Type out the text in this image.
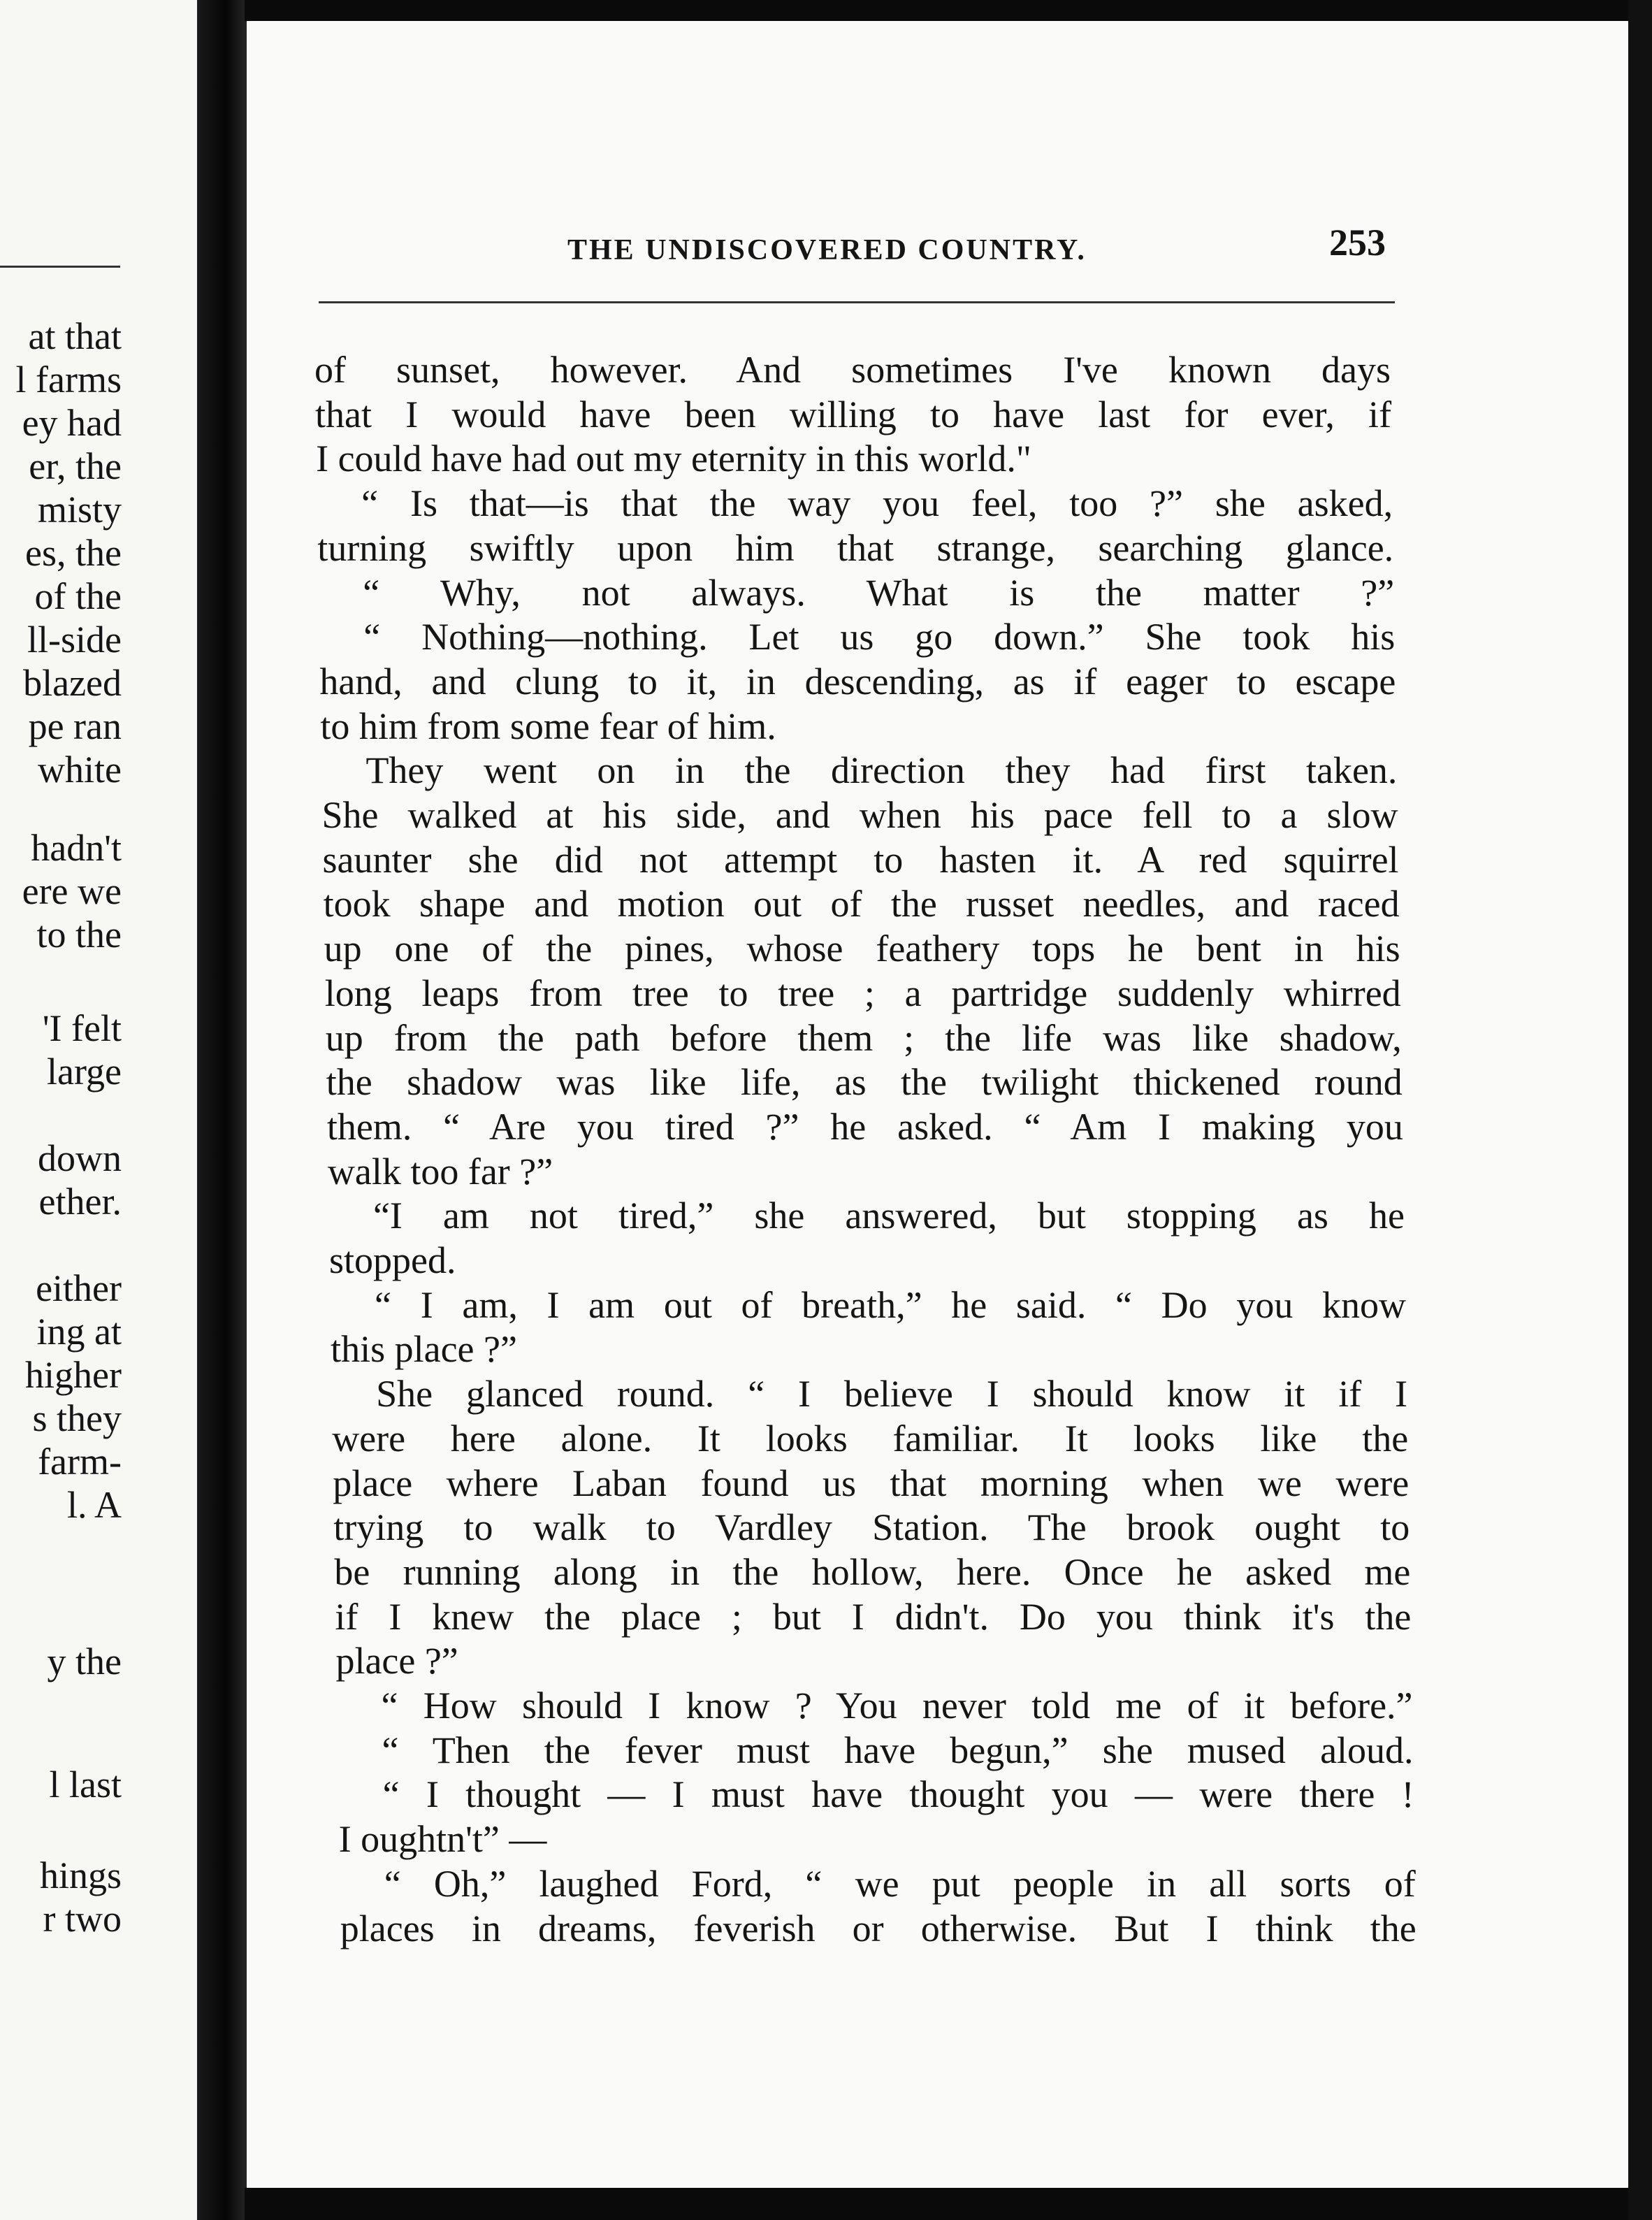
at that
l farms
ey had
er, the
misty
es, the
of the
ll-side
blazed
pe ran
white
hadn't
ere we
to the
'I felt
large
down
ether.
either
ing at
higher
s they
farm-
l. A
y the
l last
hings
r two
THE UNDISCOVERED COUNTRY.	253
of sunset, however. And sometimes I've known days
that I would have been willing to have last for ever, if
I could have had out my eternity in this world."
“ Is that—is that the way you feel, too ?” she asked,
turning swiftly upon him that strange, searching glance.
“ Why, not always. What is the matter ?”
“ Nothing—nothing. Let us go down.” She took his
hand, and clung to it, in descending, as if eager to escape
to him from some fear of him.
They went on in the direction they had first taken.
She walked at his side, and when his pace fell to a slow
saunter she did not attempt to hasten it. A red squirrel
took shape and motion out of the russet needles, and raced
up one of the pines, whose feathery tops he bent in his
long leaps from tree to tree ; a partridge suddenly whirred
up from the path before them ; the life was like shadow,
the shadow was like life, as the twilight thickened round
them. “ Are you tired ?” he asked. “ Am I making you
walk too far ?”
“I am not tired,” she answered, but stopping as he
stopped.
“ I am, I am out of breath,” he said. “ Do you know
this place ?”
She glanced round. “ I believe I should know it if I
were here alone. It looks familiar. It looks like the
place where Laban found us that morning when we were
trying to walk to Vardley Station. The brook ought to
be running along in the hollow, here. Once he asked me
if I knew the place ; but I didn't. Do you think it's the
place ?”
“ How should I know ? You never told me of it before.”
“ Then the fever must have begun,” she mused aloud.
“ I thought — I must have thought you — were there !
I oughtn't” —
“ Oh,” laughed Ford, “ we put people in all sorts of
places in dreams, feverish or otherwise. But I think the
